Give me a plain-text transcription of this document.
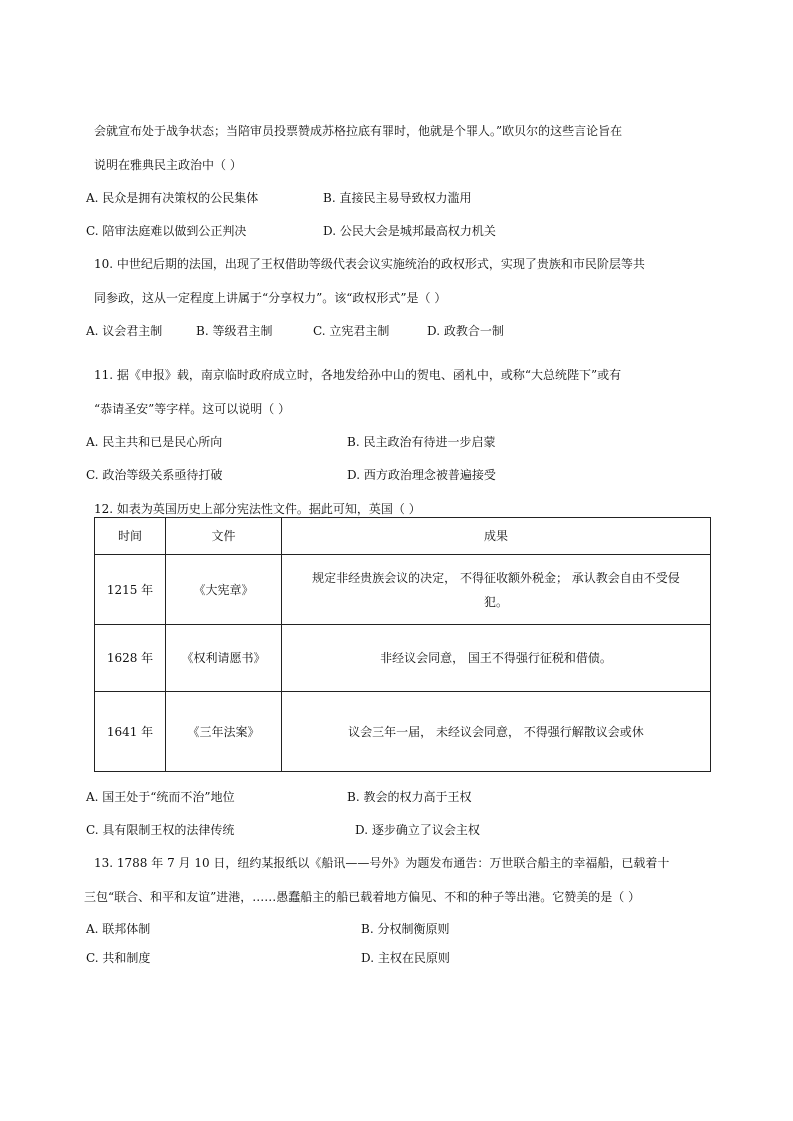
会就宣布处于战争状态；当陪审员投票赞成苏格拉底有罪时，他就是个罪人。”欧贝尔的这些言论旨在
说明在雅典民主政治中（ ）
A. 民众是拥有决策权的公民集体	B. 直接民主易导致权力滥用
C. 陪审法庭难以做到公正判决	D. 公民大会是城邦最高权力机关
10. 中世纪后期的法国，出现了王权借助等级代表会议实施统治的政权形式，实现了贵族和市民阶层等共
同参政，这从一定程度上讲属于“分享权力”。该“政权形式”是（ ）
A. 议会君主制	B. 等级君主制	C. 立宪君主制	D. 政教合一制
11. 据《申报》载，南京临时政府成立时，各地发给孙中山的贺电、函札中，或称“大总统陛下”或有
“恭请圣安”等字样。这可以说明（ ）
A. 民主共和已是民心所向	B. 民主政治有待进一步启蒙
C. 政治等级关系亟待打破	D. 西方政治理念被普遍接受
12. 如表为英国历史上部分宪法性文件。据此可知，英国（ ）
时间	文件	成果
1215 年	《大宪章》	规定非经贵族会议的决定， 不得征收额外税金； 承认教会自由不受侵
犯。

1628 年	《权利请愿书》	非经议会同意， 国王不得强行征税和借债。

1641 年	《三年法案》	议会三年一届， 未经议会同意， 不得强行解散议会或休
A. 国王处于“统而不治”地位	B. 教会的权力高于王权
C. 具有限制王权的法律传统	D. 逐步确立了议会主权
13. 1788 年 7 月 10 日，纽约某报纸以《船讯——号外》为题发布通告：万世联合船主的幸福船，已载着十
三包“联合、和平和友谊”进港，……愚蠢船主的船已载着地方偏见、不和的种子等出港。它赞美的是（ ）
A. 联邦体制	B. 分权制衡原则
C. 共和制度	D. 主权在民原则
